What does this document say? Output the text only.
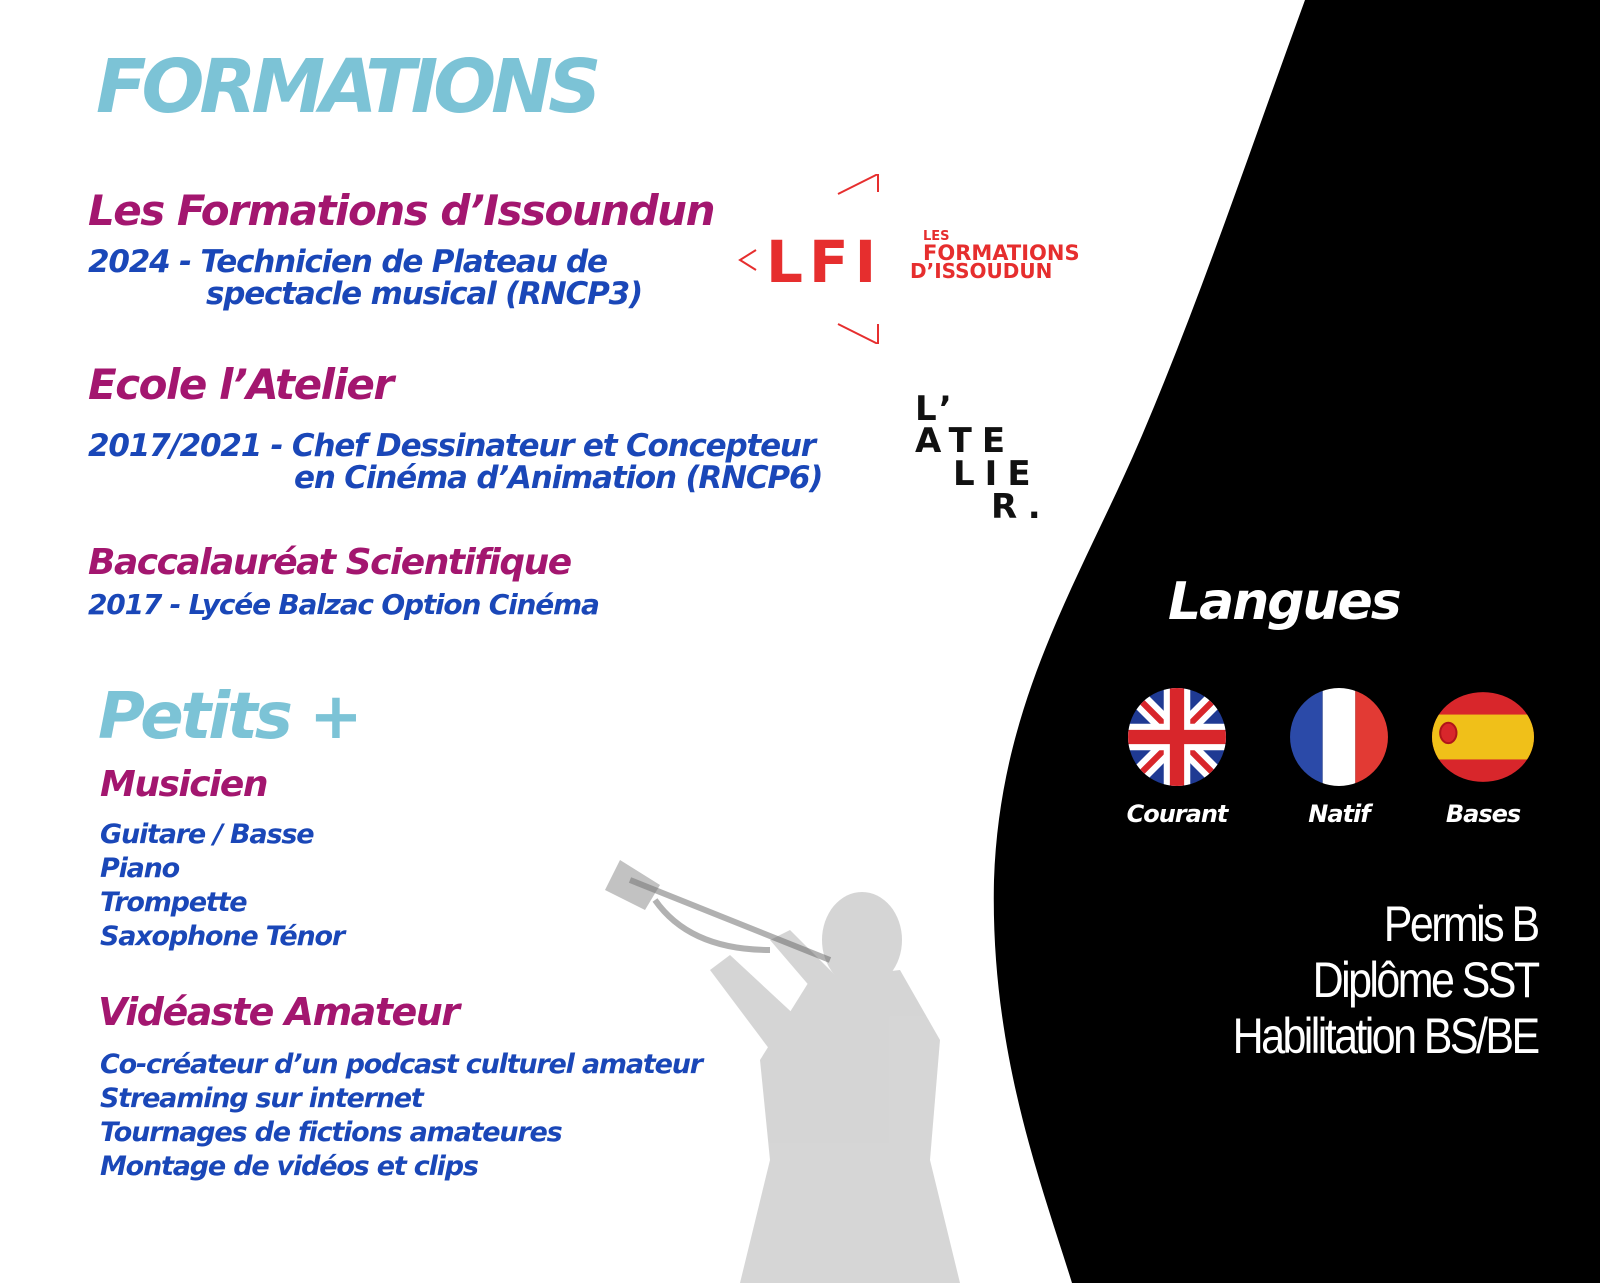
FORMATIONS
Les Formations d’Issoundun
2024 - Technicien de Plateau de
spectacle musical (RNCP3)
Ecole l’Atelier
2017/2021 - Chef Dessinateur et Concepteur
en Cinéma d’Animation (RNCP6)
Baccalauréat Scientifique
2017 - Lycée Balzac Option Cinéma
LFI	LES
FORMATIONS
D’ISSOUDUN
L’
ATE
LIE
R.
Petits +
Musicien
Guitare / Basse
Piano
Trompette
Saxophone Ténor
Vidéaste Amateur
Co-créateur d’un podcast culturel amateur
Streaming sur internet
Tournages de fictions amateures
Montage de vidéos et clips
Langues
Courant	Natif	Bases
Permis B
Diplôme SST
Habilitation BS/BE
